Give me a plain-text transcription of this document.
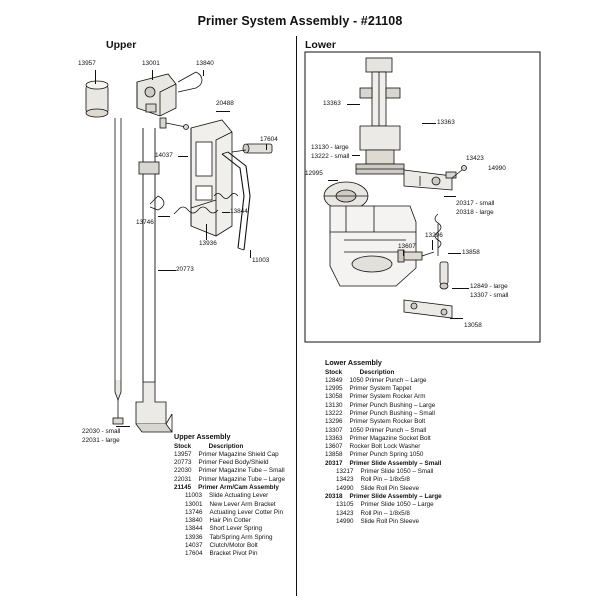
Primer System Assembly - #21108
Upper	Lower
13957	13001	13840
20488
17604
14037
13746
13844
13936
11003
20773
22030 - small
22031 - large
13363
13363
13130 - large
13222 - small	13423
14990
12995
20317 - small
20318 - large
13296
13607
13858
12849 - large
13307 - small
13058
Upper Assembly
Stock	Description
13957 Primer Magazine Shield Cap
20773 Primer Feed Body/Shield
22030 Primer Magazine Tube – Small
22031 Primer Magazine Tube – Large
21145 Primer Arm/Cam Assembly
11003 Slide Actuating Lever
13001 New Lever Arm Bracket
13746 Actuating Lever Cotter Pin
13840 Hair Pin Cotter
13844 Short Lever Spring
13936 Tab/Spring Arm Spring
14037 Clutch/Motor Bolt
17604 Bracket Pivot Pin
Lower Assembly
Stock	Description
12849 1050 Primer Punch – Large
12995 Primer System Tappet
13058 Primer System Rocker Arm
13130 Primer Punch Bushing – Large
13222 Primer Punch Bushing – Small
13296 Primer System Rocker Bolt
13307 1050 Primer Punch – Small
13363 Primer Magazine Socket Bolt
13607 Rocker Bolt Lock Washer
13858 Primer Punch Spring 1050
20317 Primer Slide Assembly – Small
13217 Primer Slide 1050 – Small
13423 Roll Pin – 1/8x5/8
14990 Slide Roll Pin Sleeve
20318 Primer Slide Assembly – Large
13105 Primer Slide 1050 – Large
13423 Roll Pin – 1/8x5/8
14990 Slide Roll Pin Sleeve
